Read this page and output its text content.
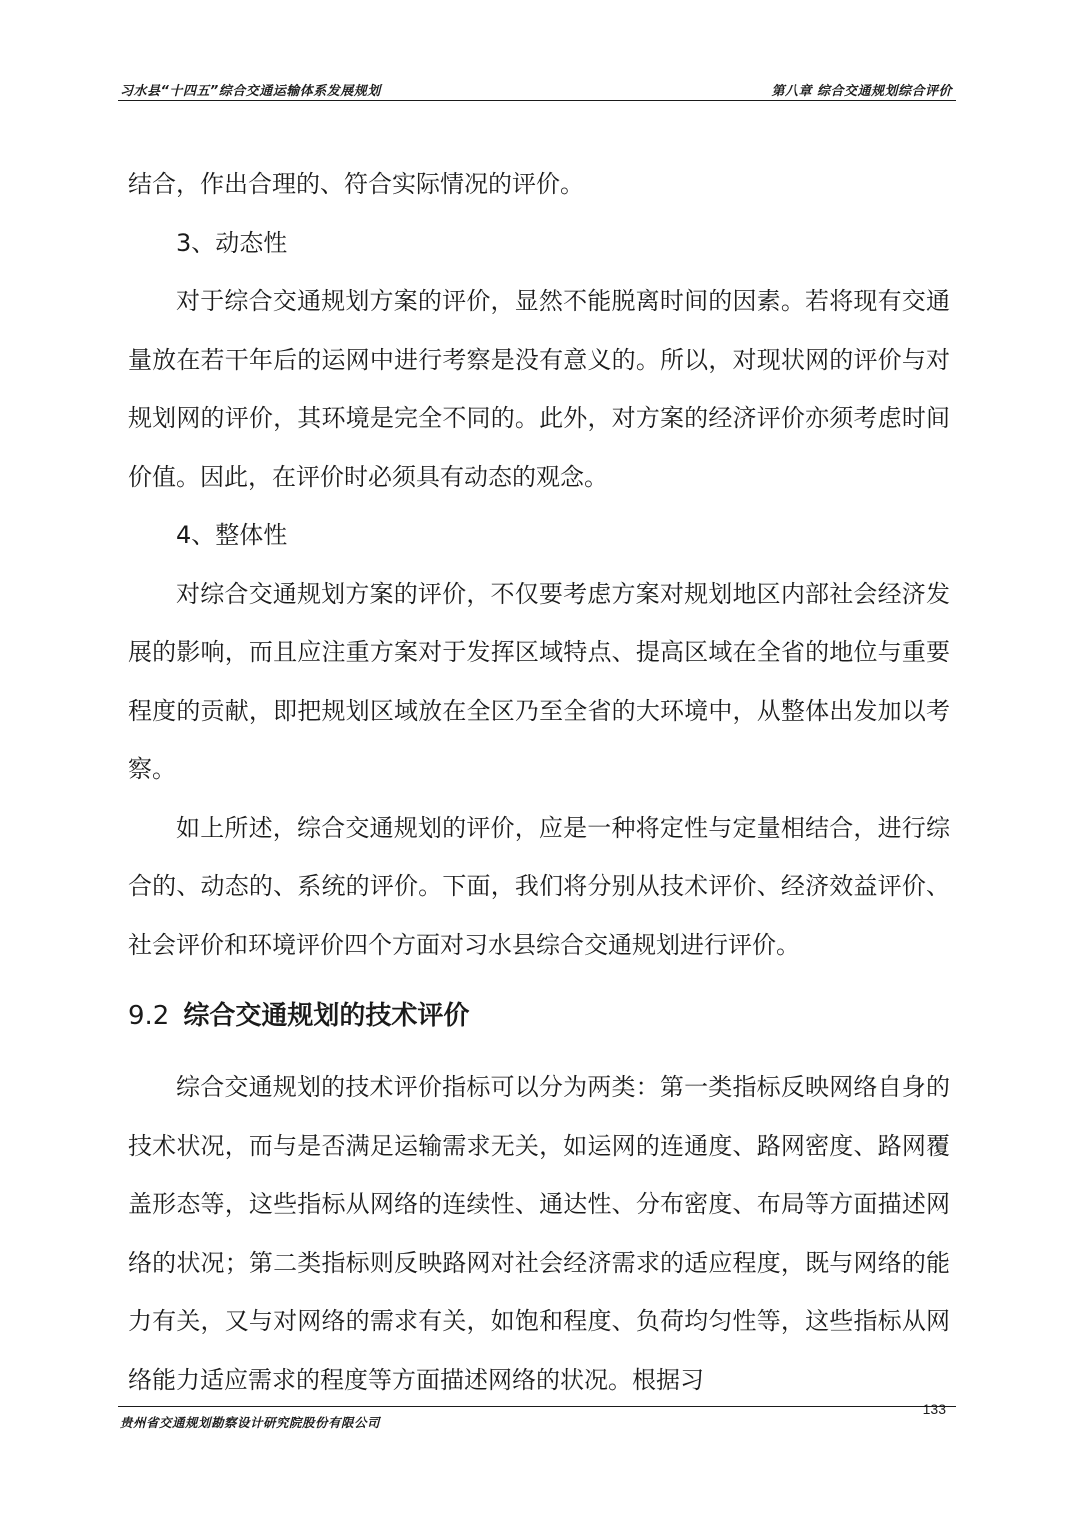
习水县“十四五”综合交通运输体系发展规划	第八章 综合交通规划综合评价

结合，作出合理的、符合实际情况的评价。

3、动态性

对于综合交通规划方案的评价，显然不能脱离时间的因素。若将现有交通量放在若干年后的运网中进行考察是没有意义的。所以，对现状网的评价与对规划网的评价，其环境是完全不同的。此外，对方案的经济评价亦须考虑时间价值。因此，在评价时必须具有动态的观念。

4、整体性

对综合交通规划方案的评价，不仅要考虑方案对规划地区内部社会经济发展的影响，而且应注重方案对于发挥区域特点、提高区域在全省的地位与重要程度的贡献，即把规划区域放在全区乃至全省的大环境中，从整体出发加以考察。

如上所述，综合交通规划的评价，应是一种将定性与定量相结合，进行综合的、动态的、系统的评价。下面，我们将分别从技术评价、经济效益评价、社会评价和环境评价四个方面对习水县综合交通规划进行评价。

9.2 综合交通规划的技术评价

综合交通规划的技术评价指标可以分为两类：第一类指标反映网络自身的技术状况，而与是否满足运输需求无关，如运网的连通度、路网密度、路网覆盖形态等，这些指标从网络的连续性、通达性、分布密度、布局等方面描述网络的状况；第二类指标则反映路网对社会经济需求的适应程度，既与网络的能力有关，又与对网络的需求有关，如饱和程度、负荷均匀性等，这些指标从网络能力适应需求的程度等方面描述网络的状况。根据习

贵州省交通规划勘察设计研究院股份有限公司
133
